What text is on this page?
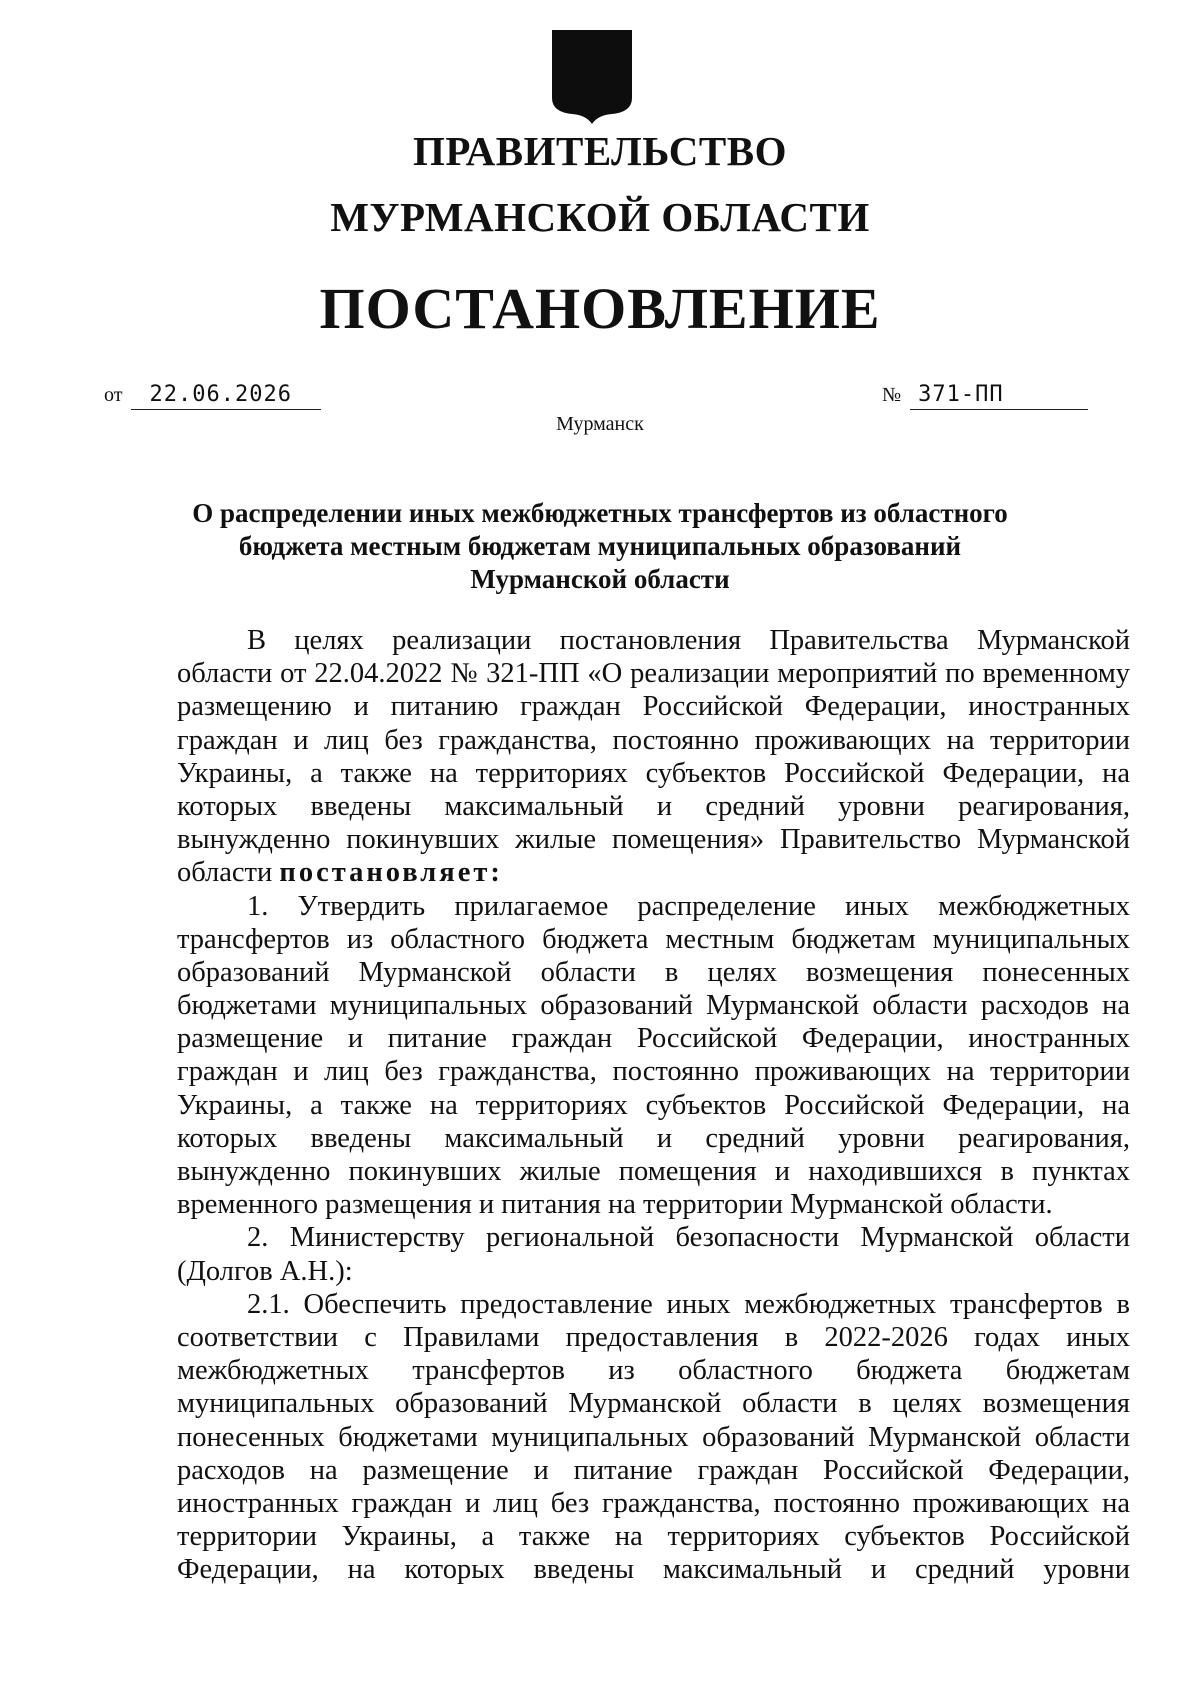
ПРАВИТЕЛЬСТВО
МУРМАНСКОЙ ОБЛАСТИ
ПОСТАНОВЛЕНИЕ
от 22.06.2026	№ 371-ПП
Мурманск
О распределении иных межбюджетных трансфертов из областного
бюджета местным бюджетам муниципальных образований
Мурманской области
В целях реализации постановления Правительства Мурманской
области от 22.04.2022 № 321-ПП «О реализации мероприятий по временному
размещению и питанию граждан Российской Федерации, иностранных
граждан и лиц без гражданства, постоянно проживающих на территории
Украины, а также на территориях субъектов Российской Федерации, на
которых введены максимальный и средний уровни реагирования,
вынужденно покинувших жилые помещения» Правительство Мурманской
области постановляет:
1. Утвердить прилагаемое распределение иных межбюджетных
трансфертов из областного бюджета местным бюджетам муниципальных
образований Мурманской области в целях возмещения понесенных
бюджетами муниципальных образований Мурманской области расходов на
размещение и питание граждан Российской Федерации, иностранных
граждан и лиц без гражданства, постоянно проживающих на территории
Украины, а также на территориях субъектов Российской Федерации, на
которых введены максимальный и средний уровни реагирования,
вынужденно покинувших жилые помещения и находившихся в пунктах
временного размещения и питания на территории Мурманской области.
2. Министерству региональной безопасности Мурманской области
(Долгов А.Н.):
2.1. Обеспечить предоставление иных межбюджетных трансфертов в
соответствии с Правилами предоставления в 2022-2026 годах иных
межбюджетных трансфертов из областного бюджета бюджетам
муниципальных образований Мурманской области в целях возмещения
понесенных бюджетами муниципальных образований Мурманской области
расходов на размещение и питание граждан Российской Федерации,
иностранных граждан и лиц без гражданства, постоянно проживающих на
территории Украины, а также на территориях субъектов Российской
Федерации, на которых введены максимальный и средний уровни
